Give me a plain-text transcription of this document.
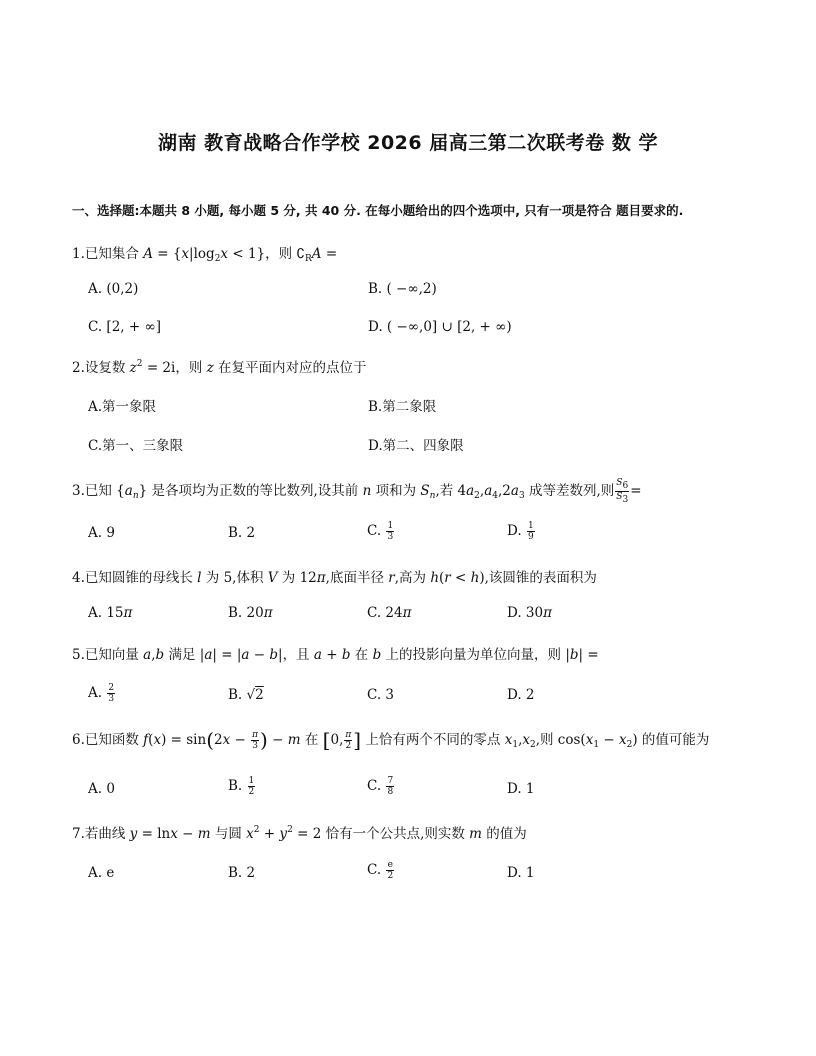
湖南 教育战略合作学校 2026 届高三第二次联考卷 数 学
一、选择题:本题共 8 小题, 每小题 5 分, 共 40 分. 在每小题给出的四个选项中, 只有一项是符合 题目要求的.
1.已知集合 $A = \{x|\log_2x < 1\}$，则 $∁_RA$ =
A. (0,2)	B. ( −∞,2)
C. [2, + ∞]	D. ( −∞,0] ∪ [2, + ∞)
2.设复数 $z^2 = 2i$，则 z 在复平面内对应的点位于
A.第一象限	B.第二象限
C.第一、三象限	D.第二、四象限
3.已知 $\{a_n\}$ 是各项均为正数的等比数列,设其前 n 项和为 $S_n$,若 $4a_2,a_4,2a_3$ 成等差数列,则 $\frac{S_6}{S_3}$ =
A. 9	B. 2	C. $\frac{1}{3}$	D. $\frac{1}{9}$
4.已知圆锥的母线长 l 为 5,体积 V 为 12π,底面半径 r,高为 h(r < h),该圆锥的表面积为
A. 15π	B. 20π	C. 24π	D. 30π
5.已知向量 a,b 满足 |a| = |a − b|，且 a + b 在 b 上的投影向量为单位向量，则 |b| =
A. $\frac{2}{3}$	B. √2	C. 3	D. 2
6.已知函数 $f(x) = \sin(2x - \frac{\pi}{3}$ ) − m 在 [0, $\frac{\pi}{2}$ ] 上恰有两个不同的零点 $x_1,x_2$,则 $\cos(x_1 - x_2)$ 的值可能为
A. 0	B. $\frac{1}{2}$	C. $\frac{7}{8}$	D. 1
7.若曲线 y = lnx − m 与圆 $x^2 + y^2 = 2$ 恰有一个公共点,则实数 m 的值为
A. e	B. 2	C. $\frac{e}{2}$	D. 1
